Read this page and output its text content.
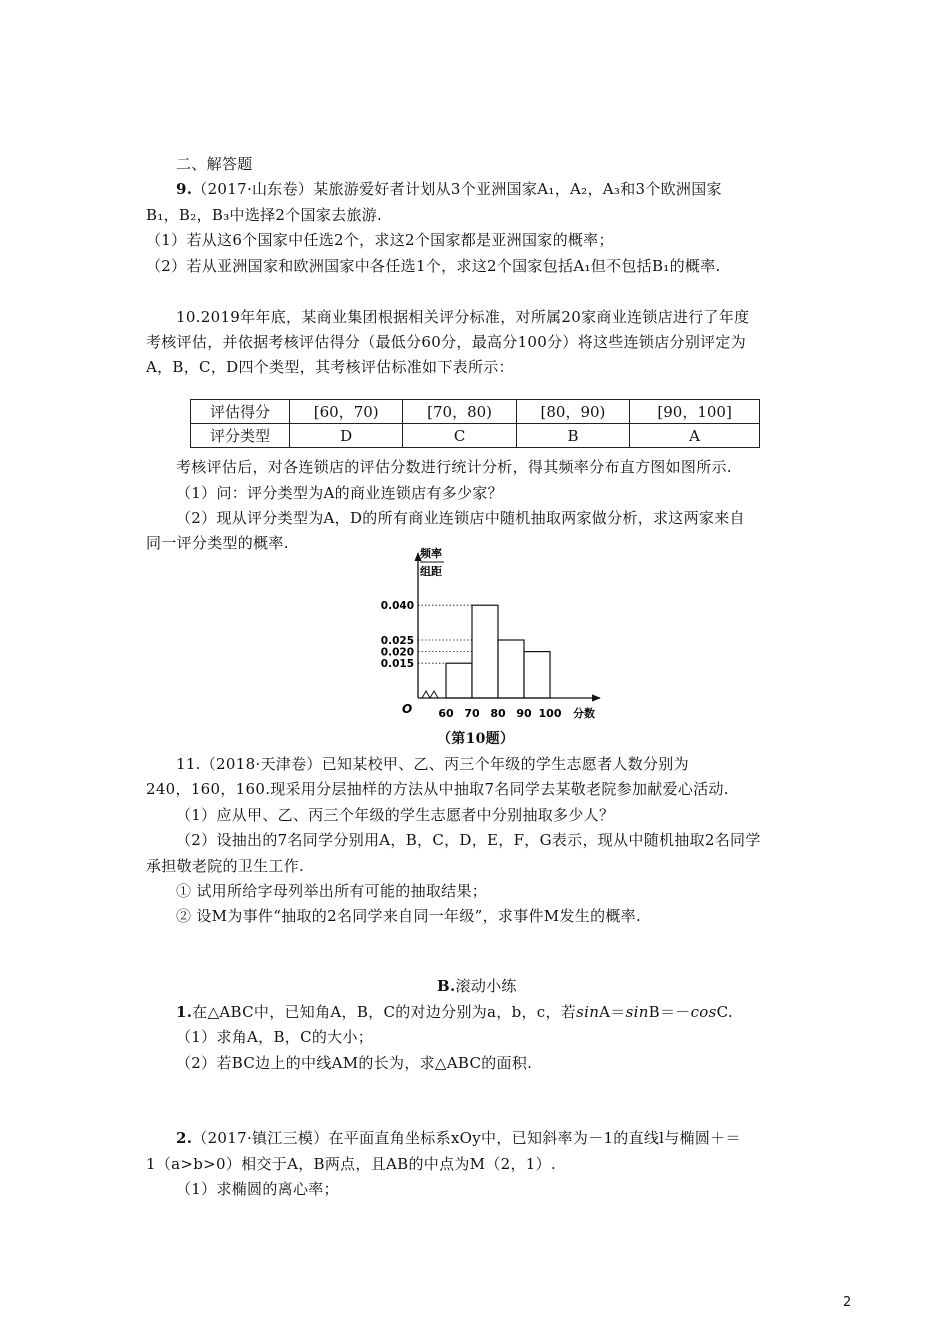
二、解答题
9.（2017·山东卷）某旅游爱好者计划从3个亚洲国家A₁，A₂，A₃和3个欧洲国家
B₁，B₂，B₃中选择2个国家去旅游.
（1）若从这6个国家中任选2个，求这2个国家都是亚洲国家的概率；
（2）若从亚洲国家和欧洲国家中各任选1个，求这2个国家包括A₁但不包括B₁的概率.
10.2019年年底，某商业集团根据相关评分标准，对所属20家商业连锁店进行了年度
考核评估，并依据考核评估得分（最低分60分，最高分100分）将这些连锁店分别评定为
A，B，C，D四个类型，其考核评估标准如下表所示：
评估得分	[60，70)	[70，80)	[80，90)	[90，100]
评分类型	D	C	B	A
考核评估后，对各连锁店的评估分数进行统计分析，得其频率分布直方图如图所示.
（1）问：评分类型为A的商业连锁店有多少家？
（2）现从评分类型为A，D的所有商业连锁店中随机抽取两家做分析，求这两家来自
同一评分类型的概率.
频率
组距
O	分数
60 70 80 90 100
0.040
0.025
0.020
0.015
（第10题）
11.（2018·天津卷）已知某校甲、乙、丙三个年级的学生志愿者人数分别为
240，160，160.现采用分层抽样的方法从中抽取7名同学去某敬老院参加献爱心活动.
（1）应从甲、乙、丙三个年级的学生志愿者中分别抽取多少人？
（2）设抽出的7名同学分别用A，B，C，D，E，F，G表示，现从中随机抽取2名同学
承担敬老院的卫生工作.
① 试用所给字母列举出所有可能的抽取结果；
② 设M为事件“抽取的2名同学来自同一年级”，求事件M发生的概率.
B.滚动小练
1.在△ABC中，已知角A，B，C的对边分别为a，b，c，若sinA＝sinB＝－cosC.
（1）求角A，B，C的大小；
（2）若BC边上的中线AM的长为，求△ABC的面积.
2.（2017·镇江三模）在平面直角坐标系xOy中，已知斜率为－1的直线l与椭圆＋＝
1（a>b>0）相交于A，B两点，且AB的中点为M（2，1）.
（1）求椭圆的离心率；
2
